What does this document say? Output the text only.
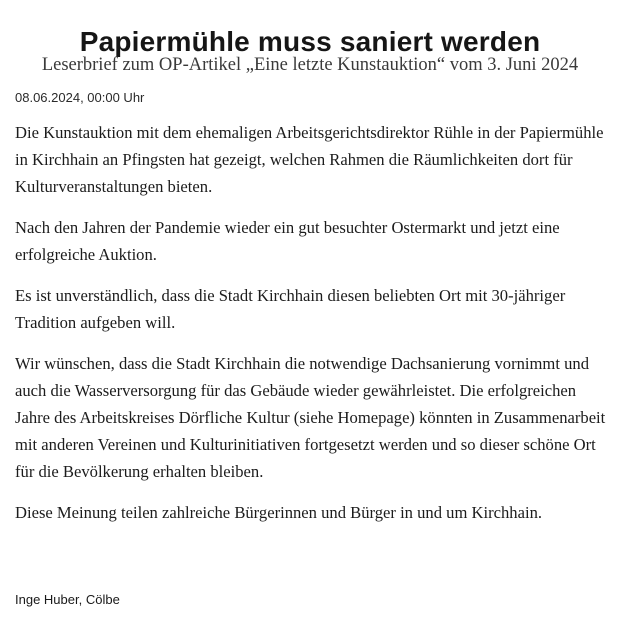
Papiermühle muss saniert werden
Leserbrief zum OP-Artikel „Eine letzte Kunstauktion“ vom 3. Juni 2024
08.06.2024, 00:00 Uhr

Die Kunstauktion mit dem ehemaligen Arbeitsgerichtsdirektor Rühle in der Papiermühle in Kirchhain an Pfingsten hat gezeigt, welchen Rahmen die Räumlichkeiten dort für Kulturveranstaltungen bieten.

Nach den Jahren der Pandemie wieder ein gut besuchter Ostermarkt und jetzt eine erfolgreiche Auktion.

Es ist unverständlich, dass die Stadt Kirchhain diesen beliebten Ort mit 30-jähriger Tradition aufgeben will.

Wir wünschen, dass die Stadt Kirchhain die notwendige Dachsanierung vornimmt und auch die Wasserversorgung für das Gebäude wieder gewährleistet. Die erfolgreichen Jahre des Arbeitskreises Dörfliche Kultur (siehe Homepage) könnten in Zusammenarbeit mit anderen Vereinen und Kulturinitiativen fortgesetzt werden und so dieser schöne Ort für die Bevölkerung erhalten bleiben.

Diese Meinung teilen zahlreiche Bürgerinnen und Bürger in und um Kirchhain.

Inge Huber, Cölbe
